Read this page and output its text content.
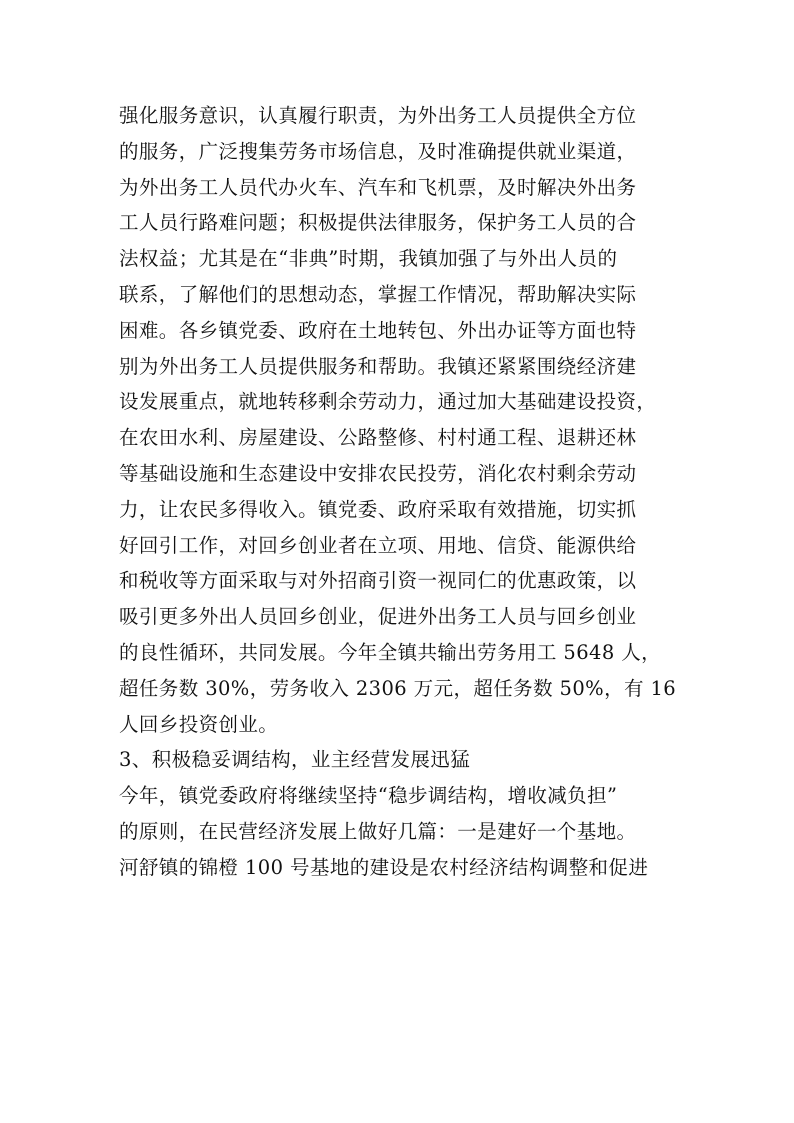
强化服务意识，认真履行职责，为外出务工人员提供全方位
的服务，广泛搜集劳务市场信息，及时准确提供就业渠道，
为外出务工人员代办火车、汽车和飞机票，及时解决外出务
工人员行路难问题；积极提供法律服务，保护务工人员的合
法权益；尤其是在“非典”时期，我镇加强了与外出人员的
联系，了解他们的思想动态，掌握工作情况，帮助解决实际
困难。各乡镇党委、政府在土地转包、外出办证等方面也特
别为外出务工人员提供服务和帮助。我镇还紧紧围绕经济建
设发展重点，就地转移剩余劳动力，通过加大基础建设投资，
在农田水利、房屋建设、公路整修、村村通工程、退耕还林
等基础设施和生态建设中安排农民投劳，消化农村剩余劳动
力，让农民多得收入。镇党委、政府采取有效措施，切实抓
好回引工作，对回乡创业者在立项、用地、信贷、能源供给
和税收等方面采取与对外招商引资一视同仁的优惠政策，以
吸引更多外出人员回乡创业，促进外出务工人员与回乡创业
的良性循环，共同发展。今年全镇共输出劳务用工 5648 人，
超任务数 30%，劳务收入 2306 万元，超任务数 50%，有 16
人回乡投资创业。
3、积极稳妥调结构，业主经营发展迅猛
今年，镇党委政府将继续坚持“稳步调结构，增收减负担”
的原则，在民营经济发展上做好几篇：一是建好一个基地。
河舒镇的锦橙 100 号基地的建设是农村经济结构调整和促进
